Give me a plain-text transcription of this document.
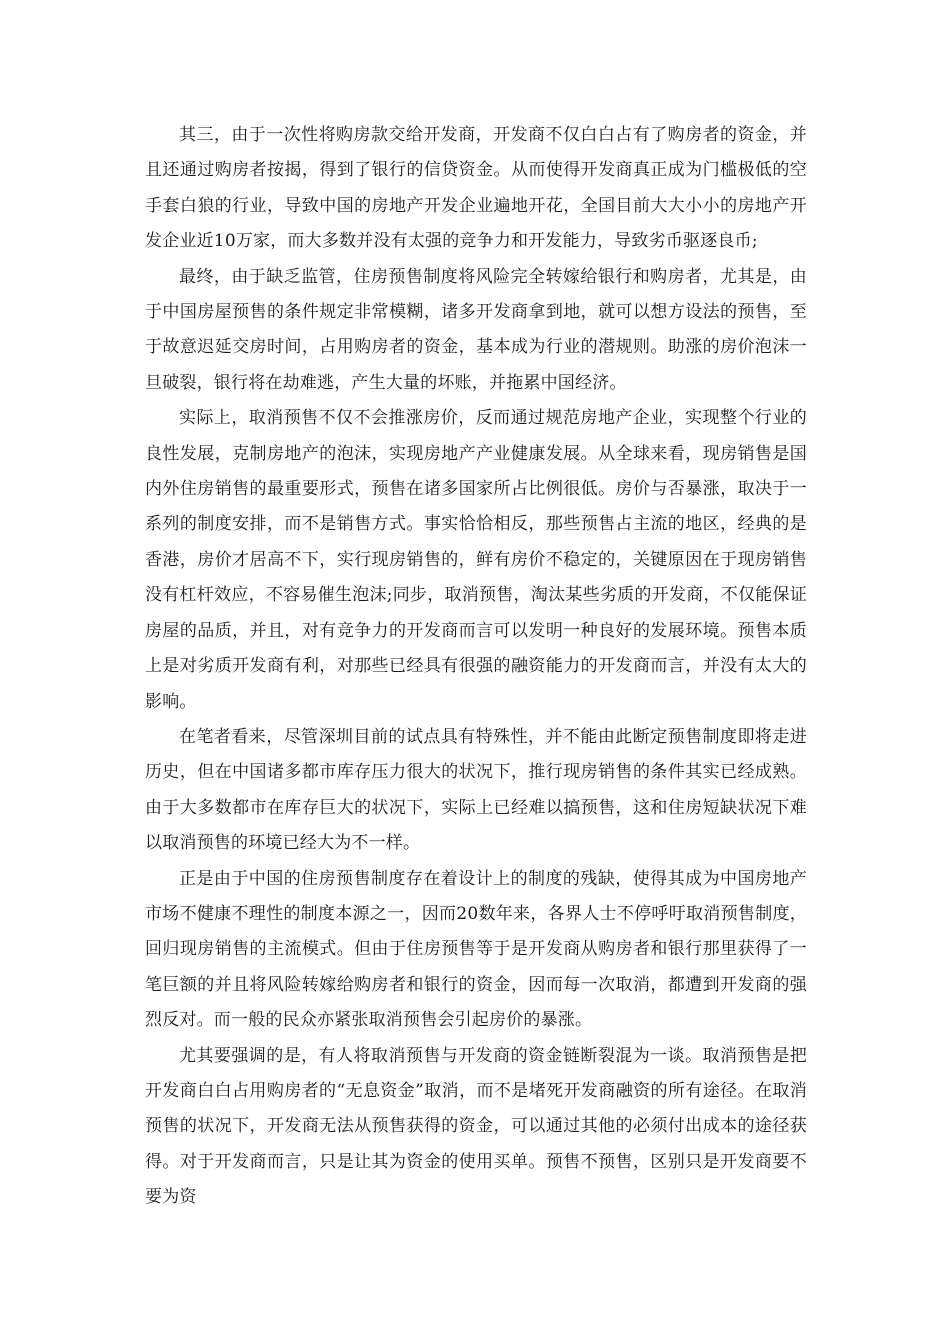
其三，由于一次性将购房款交给开发商，开发商不仅白白占有了购房者的资金，并且还通过购房者按揭，得到了银行的信贷资金。从而使得开发商真正成为门槛极低的空手套白狼的行业，导致中国的房地产开发企业遍地开花，全国目前大大小小的房地产开发企业近10万家，而大多数并没有太强的竞争力和开发能力，导致劣币驱逐良币;

最终，由于缺乏监管，住房预售制度将风险完全转嫁给银行和购房者，尤其是，由于中国房屋预售的条件规定非常模糊，诸多开发商拿到地，就可以想方设法的预售，至于故意迟延交房时间，占用购房者的资金，基本成为行业的潜规则。助涨的房价泡沫一旦破裂，银行将在劫难逃，产生大量的坏账，并拖累中国经济。

实际上，取消预售不仅不会推涨房价，反而通过规范房地产企业，实现整个行业的良性发展，克制房地产的泡沫，实现房地产产业健康发展。从全球来看，现房销售是国内外住房销售的最重要形式，预售在诸多国家所占比例很低。房价与否暴涨，取决于一系列的制度安排，而不是销售方式。事实恰恰相反，那些预售占主流的地区，经典的是香港，房价才居高不下，实行现房销售的，鲜有房价不稳定的，关键原因在于现房销售没有杠杆效应，不容易催生泡沫;同步，取消预售，淘汰某些劣质的开发商，不仅能保证房屋的品质，并且，对有竞争力的开发商而言可以发明一种良好的发展环境。预售本质上是对劣质开发商有利，对那些已经具有很强的融资能力的开发商而言，并没有太大的影响。

在笔者看来，尽管深圳目前的试点具有特殊性，并不能由此断定预售制度即将走进历史，但在中国诸多都市库存压力很大的状况下，推行现房销售的条件其实已经成熟。由于大多数都市在库存巨大的状况下，实际上已经难以搞预售，这和住房短缺状况下难以取消预售的环境已经大为不一样。

正是由于中国的住房预售制度存在着设计上的制度的残缺，使得其成为中国房地产市场不健康不理性的制度本源之一，因而20数年来，各界人士不停呼吁取消预售制度，回归现房销售的主流模式。但由于住房预售等于是开发商从购房者和银行那里获得了一笔巨额的并且将风险转嫁给购房者和银行的资金，因而每一次取消，都遭到开发商的强烈反对。而一般的民众亦紧张取消预售会引起房价的暴涨。

尤其要强调的是，有人将取消预售与开发商的资金链断裂混为一谈。取消预售是把开发商白白占用购房者的“无息资金”取消，而不是堵死开发商融资的所有途径。在取消预售的状况下，开发商无法从预售获得的资金，可以通过其他的必须付出成本的途径获得。对于开发商而言，只是让其为资金的使用买单。预售不预售，区别只是开发商要不要为资
